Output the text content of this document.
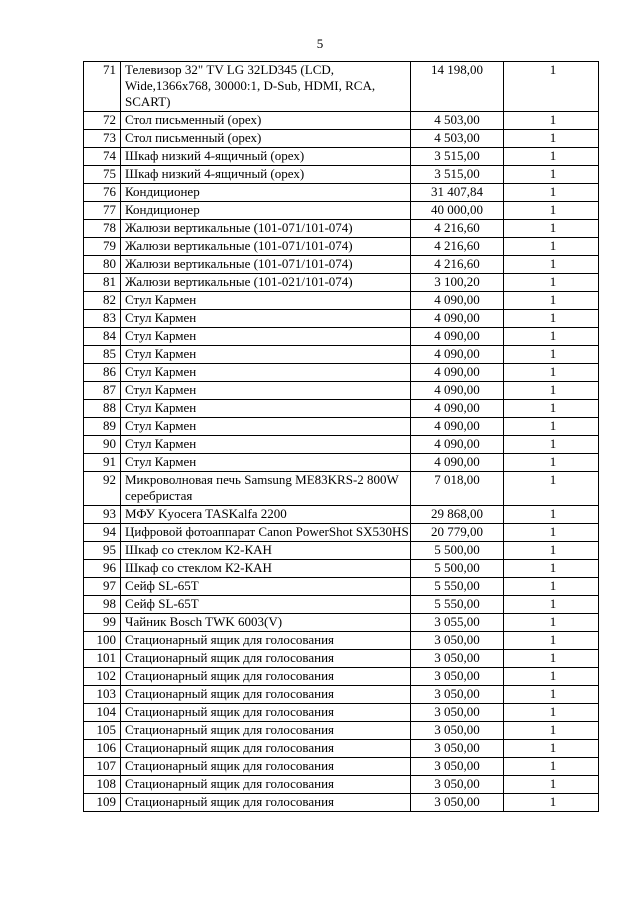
5
71	Телевизор 32" TV LG 32LD345 (LCD, Wide,1366x768, 30000:1, D-Sub, HDMI, RCA, SCART)	14 198,00	1
72	Стол письменный (орех)	4 503,00	1
73	Стол письменный (орех)	4 503,00	1
74	Шкаф низкий 4-ящичный (орех)	3 515,00	1
75	Шкаф низкий 4-ящичный (орех)	3 515,00	1
76	Кондиционер	31 407,84	1
77	Кондиционер	40 000,00	1
78	Жалюзи вертикальные (101-071/101-074)	4 216,60	1
79	Жалюзи вертикальные (101-071/101-074)	4 216,60	1
80	Жалюзи вертикальные (101-071/101-074)	4 216,60	1
81	Жалюзи вертикальные (101-021/101-074)	3 100,20	1
82	Стул Кармен	4 090,00	1
83	Стул Кармен	4 090,00	1
84	Стул Кармен	4 090,00	1
85	Стул Кармен	4 090,00	1
86	Стул Кармен	4 090,00	1
87	Стул Кармен	4 090,00	1
88	Стул Кармен	4 090,00	1
89	Стул Кармен	4 090,00	1
90	Стул Кармен	4 090,00	1
91	Стул Кармен	4 090,00	1
92	Микроволновая печь Samsung ME83KRS-2 800W серебристая	7 018,00	1
93	МФУ Kyocera TASKalfa 2200	29 868,00	1
94	Цифровой фотоаппарат Canon PowerShot SX530HS	20 779,00	1
95	Шкаф со стеклом К2-КАН	5 500,00	1
96	Шкаф со стеклом К2-КАН	5 500,00	1
97	Сейф SL-65T	5 550,00	1
98	Сейф SL-65T	5 550,00	1
99	Чайник Bosch TWK 6003(V)	3 055,00	1
100	Стационарный ящик для голосования	3 050,00	1
101	Стационарный ящик для голосования	3 050,00	1
102	Стационарный ящик для голосования	3 050,00	1
103	Стационарный ящик для голосования	3 050,00	1
104	Стационарный ящик для голосования	3 050,00	1
105	Стационарный ящик для голосования	3 050,00	1
106	Стационарный ящик для голосования	3 050,00	1
107	Стационарный ящик для голосования	3 050,00	1
108	Стационарный ящик для голосования	3 050,00	1
109	Стационарный ящик для голосования	3 050,00	1
